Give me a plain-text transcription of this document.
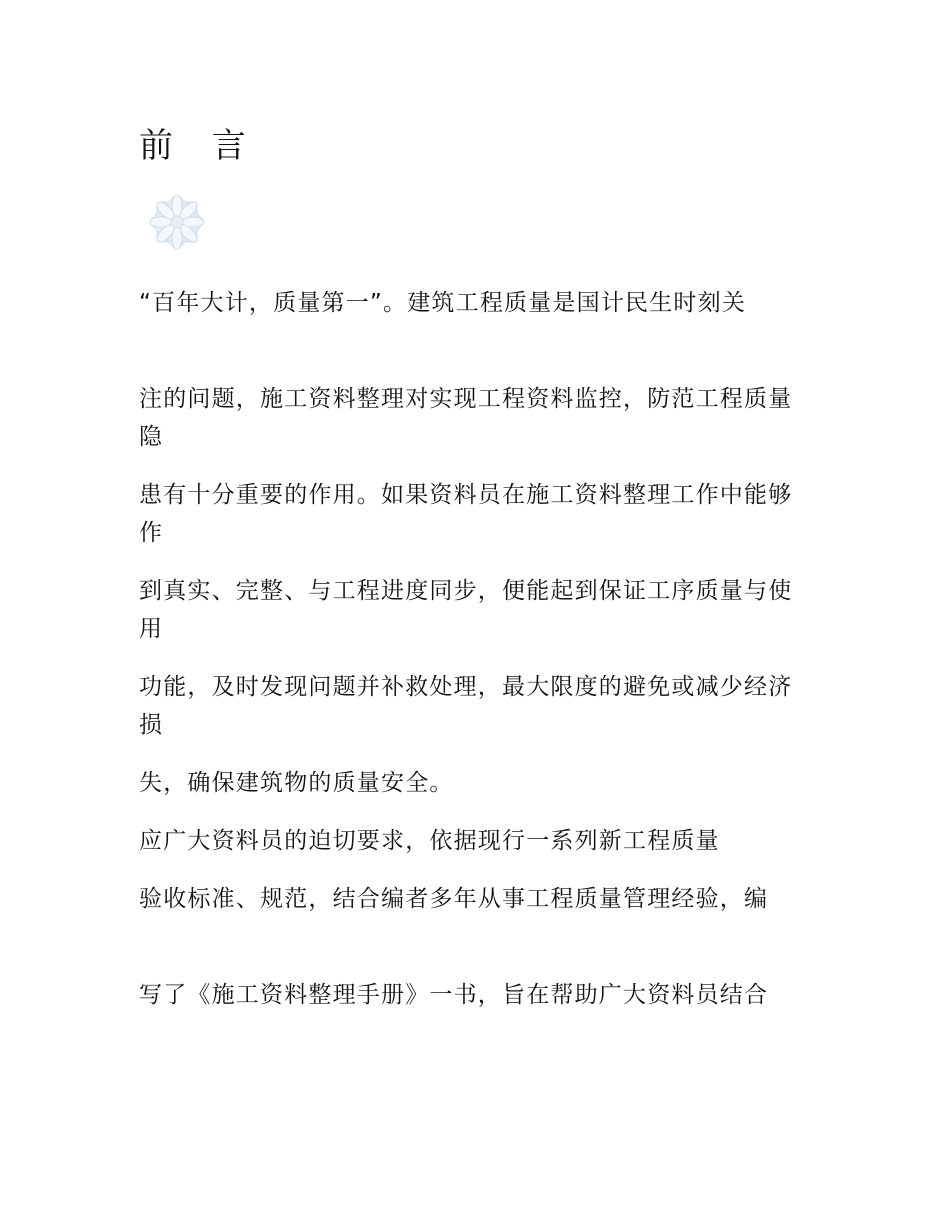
前 言

“百年大计，质量第一”。建筑工程质量是国计民生时刻关

注的问题，施工资料整理对实现工程资料监控，防范工程质量隐

患有十分重要的作用。如果资料员在施工资料整理工作中能够作

到真实、完整、与工程进度同步，便能起到保证工序质量与使用

功能，及时发现问题并补救处理，最大限度的避免或减少经济损

失，确保建筑物的质量安全。

应广大资料员的迫切要求，依据现行一系列新工程质量

验收标准、规范，结合编者多年从事工程质量管理经验，编

写了《施工资料整理手册》一书，旨在帮助广大资料员结合
